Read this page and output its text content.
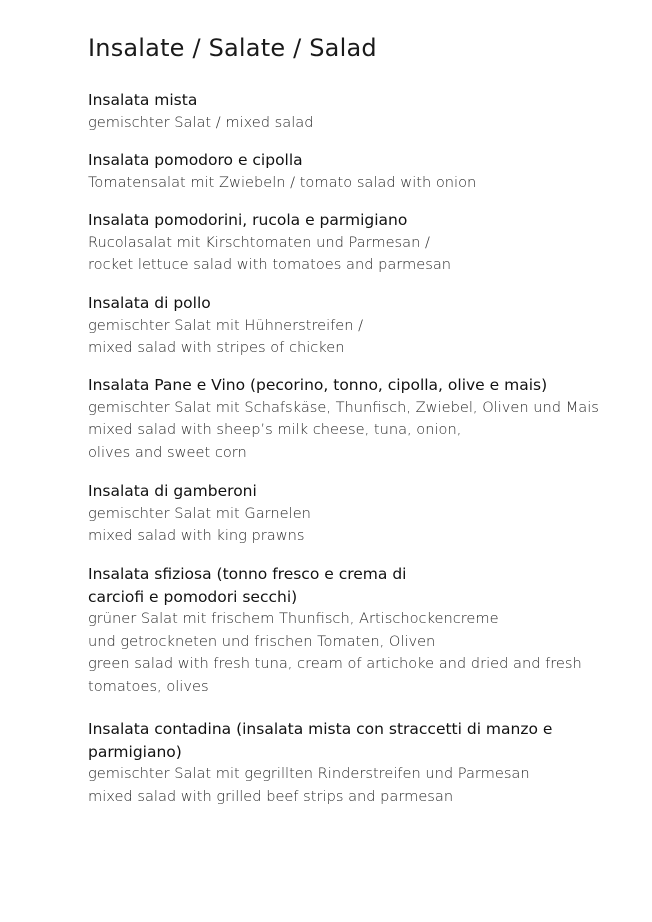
Insalate / Salate / Salad
Insalata mista
gemischter Salat / mixed salad
Insalata pomodoro e cipolla
Tomatensalat mit Zwiebeln / tomato salad with onion
Insalata pomodorini, rucola e parmigiano
Rucolasalat mit Kirschtomaten und Parmesan /
rocket lettuce salad with tomatoes and parmesan
Insalata di pollo
gemischter Salat mit Hühnerstreifen /
mixed salad with stripes of chicken
Insalata Pane e Vino (pecorino, tonno, cipolla, olive e mais)
gemischter Salat mit Schafskäse, Thunfisch, Zwiebel, Oliven und Mais
mixed salad with sheep’s milk cheese, tuna, onion,
olives and sweet corn
Insalata di gamberoni
gemischter Salat mit Garnelen
mixed salad with king prawns
Insalata sfiziosa (tonno fresco e crema di
carciofi e pomodori secchi)
grüner Salat mit frischem Thunfisch, Artischockencreme
und getrockneten und frischen Tomaten, Oliven
green salad with fresh tuna, cream of artichoke and dried and fresh
tomatoes, olives
Insalata contadina (insalata mista con straccetti di manzo e
parmigiano)
gemischter Salat mit gegrillten Rinderstreifen und Parmesan
mixed salad with grilled beef strips and parmesan
